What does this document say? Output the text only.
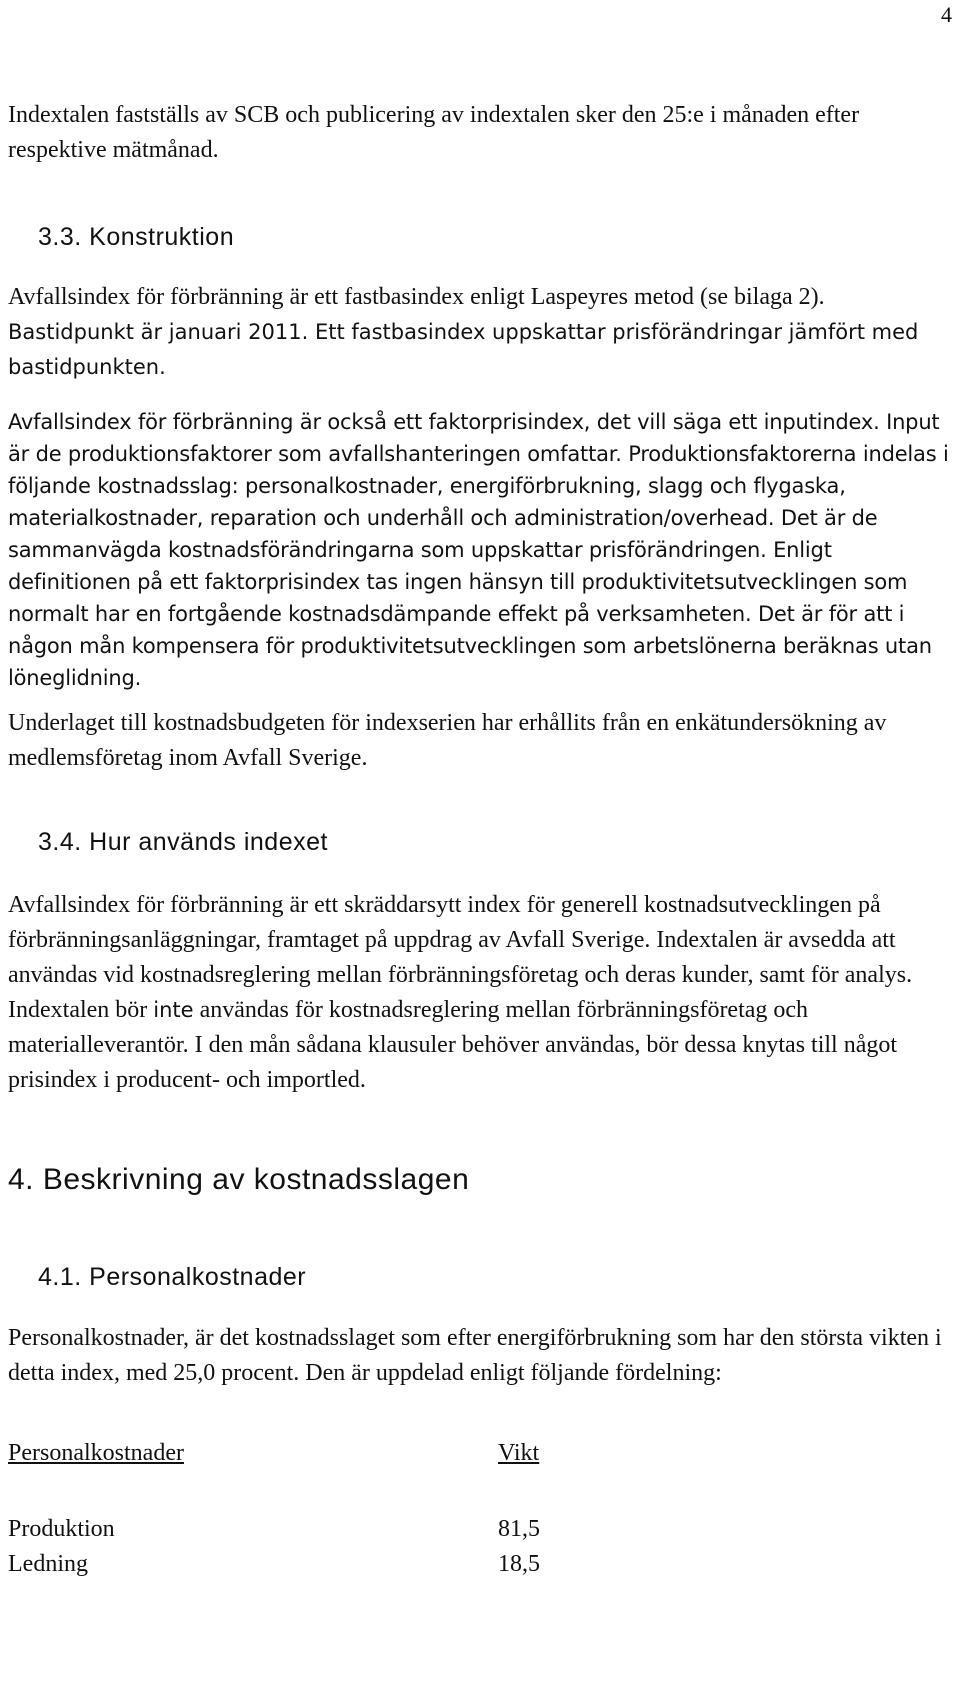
4

Indextalen fastställs av SCB och publicering av indextalen sker den 25:e i månaden efter respektive mätmånad.

3.3. Konstruktion

Avfallsindex för förbränning är ett fastbasindex enligt Laspeyres metod (se bilaga 2). Bastidpunkt är januari 2011. Ett fastbasindex uppskattar prisförändringar jämfört med bastidpunkten.

Avfallsindex för förbränning är också ett faktorprisindex, det vill säga ett inputindex. Input är de produktionsfaktorer som avfallshanteringen omfattar. Produktionsfaktorerna indelas i följande kostnadsslag: personalkostnader, energiförbrukning, slagg och flygaska, materialkostnader, reparation och underhåll och administration/overhead. Det är de sammanvägda kostnadsförändringarna som uppskattar prisförändringen. Enligt definitionen på ett faktorprisindex tas ingen hänsyn till produktivitetsutvecklingen som normalt har en fortgående kostnadsdämpande effekt på verksamheten. Det är för att i någon mån kompensera för produktivitetsutvecklingen som arbetslönerna beräknas utan löneglidning.

Underlaget till kostnadsbudgeten för indexserien har erhållits från en enkätundersökning av medlemsföretag inom Avfall Sverige.

3.4. Hur används indexet

Avfallsindex för förbränning är ett skräddarsytt index för generell kostnadsutvecklingen på förbränningsanläggningar, framtaget på uppdrag av Avfall Sverige. Indextalen är avsedda att användas vid kostnadsreglering mellan förbränningsföretag och deras kunder, samt för analys. Indextalen bör inte användas för kostnadsreglering mellan förbränningsföretag och materialleverantör. I den mån sådana klausuler behöver användas, bör dessa knytas till något prisindex i producent- och importled.

4. Beskrivning av kostnadsslagen
4.1. Personalkostnader

Personalkostnader, är det kostnadsslaget som efter energiförbrukning som har den största vikten i detta index, med 25,0 procent. Den är uppdelad enligt följande fördelning:

Personalkostnader	Vikt
Produktion	81,5
Ledning	18,5
